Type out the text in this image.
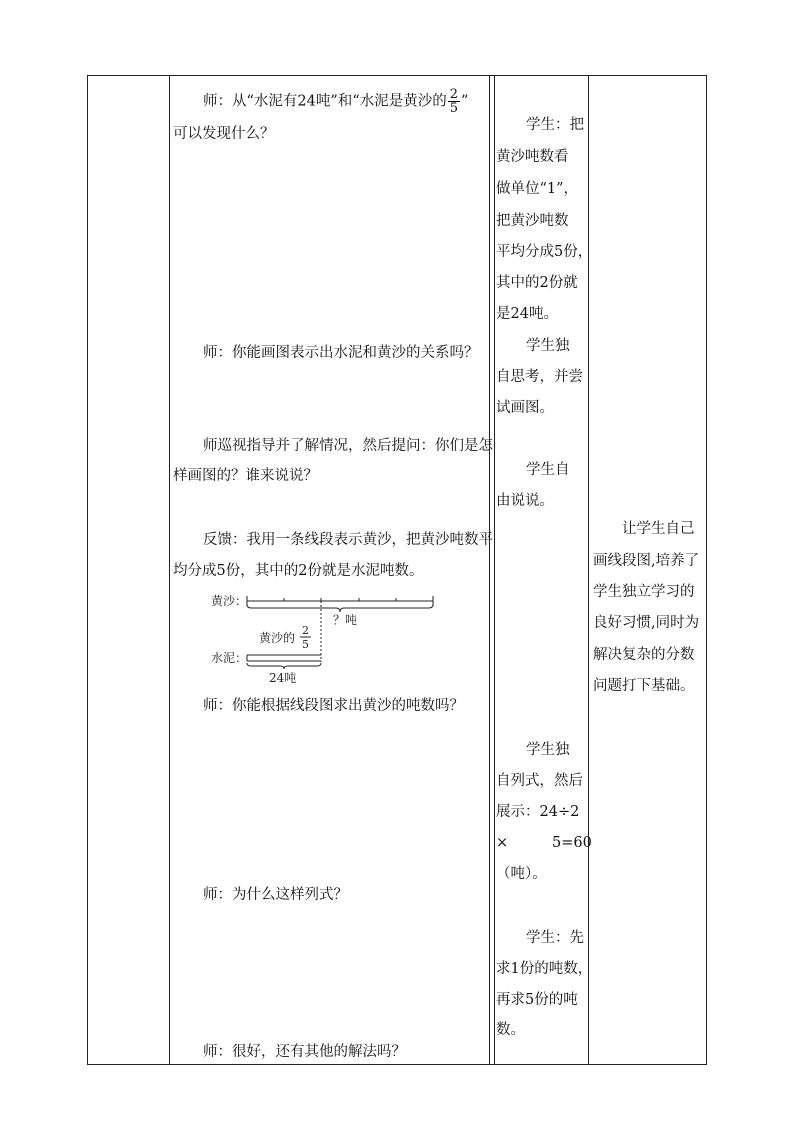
师：从“水泥有24吨”和“水泥是黄沙的 $\frac{2}{5}$ ”
可以发现什么？
师：你能画图表示出水泥和黄沙的关系吗？
师巡视指导并了解情况，然后提问：你们是怎
样画图的？谁来说说？
反馈：我用一条线段表示黄沙，把黄沙吨数平
均分成5份，其中的2份就是水泥吨数。
黄沙：
？吨
黄沙的
2
5
水泥：
24吨
师：你能根据线段图求出黄沙的吨数吗？
师：为什么这样列式？
师：很好，还有其他的解法吗？
学生：把
黄沙吨数看
做单位“1”，
把黄沙吨数
平均分成5份，
其中的2份就
是24吨。
学生独
自思考，并尝
试画图。
学生自
由说说。
学生独
自列式，然后
展示：24÷2
×	5=60
（吨）。
学生：先
求1份的吨数，
再求5份的吨
数。
让学生自己
画线段图,培养了
学生独立学习的
良好习惯,同时为
解决复杂的分数
问题打下基础。
